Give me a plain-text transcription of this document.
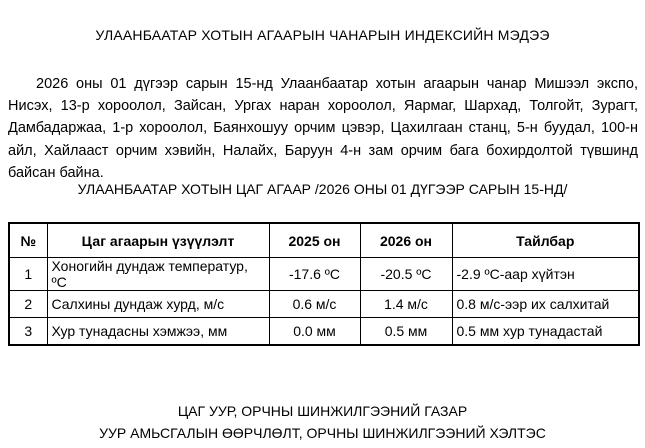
УЛААНБААТАР ХОТЫН АГААРЫН ЧАНАРЫН ИНДЕКСИЙН МЭДЭЭ

2026 оны 01 дүгээр сарын 15-нд Улаанбаатар хотын агаарын чанар Мишээл экспо, Нисэх, 13-р хороолол, Зайсан, Ургах наран хороолол, Яармаг, Шархад, Толгойт, Зурагт, Дамбадаржаа, 1-р хороолол, Баянхошуу орчим цэвэр, Цахилгаан станц, 5-н буудал, 100-н айл, Хайлааст орчим хэвийн, Налайх, Баруун 4-н зам орчим бага бохирдолтой түвшинд байсан байна.

УЛААНБААТАР ХОТЫН ЦАГ АГААР /2026 ОНЫ 01 ДҮГЭЭР САРЫН 15-НД/
№	Цаг агаарын үзүүлэлт	2025 он	2026 он	Тайлбар
1	Хоногийн дундаж температур, ºС	-17.6 ºС	-20.5 ºС	-2.9 ºС-аар хүйтэн
2	Салхины дундаж хурд, м/с	0.6 м/с	1.4 м/с	0.8 м/с-ээр их салхитай
3	Хур тунадасны хэмжээ, мм	0.0 мм	0.5 мм	0.5 мм хур тунадастай
ЦАГ УУР, ОРЧНЫ ШИНЖИЛГЭЭНИЙ ГАЗАР
УУР АМЬСГАЛЫН ӨӨРЧЛӨЛТ, ОРЧНЫ ШИНЖИЛГЭЭНИЙ ХЭЛТЭС
